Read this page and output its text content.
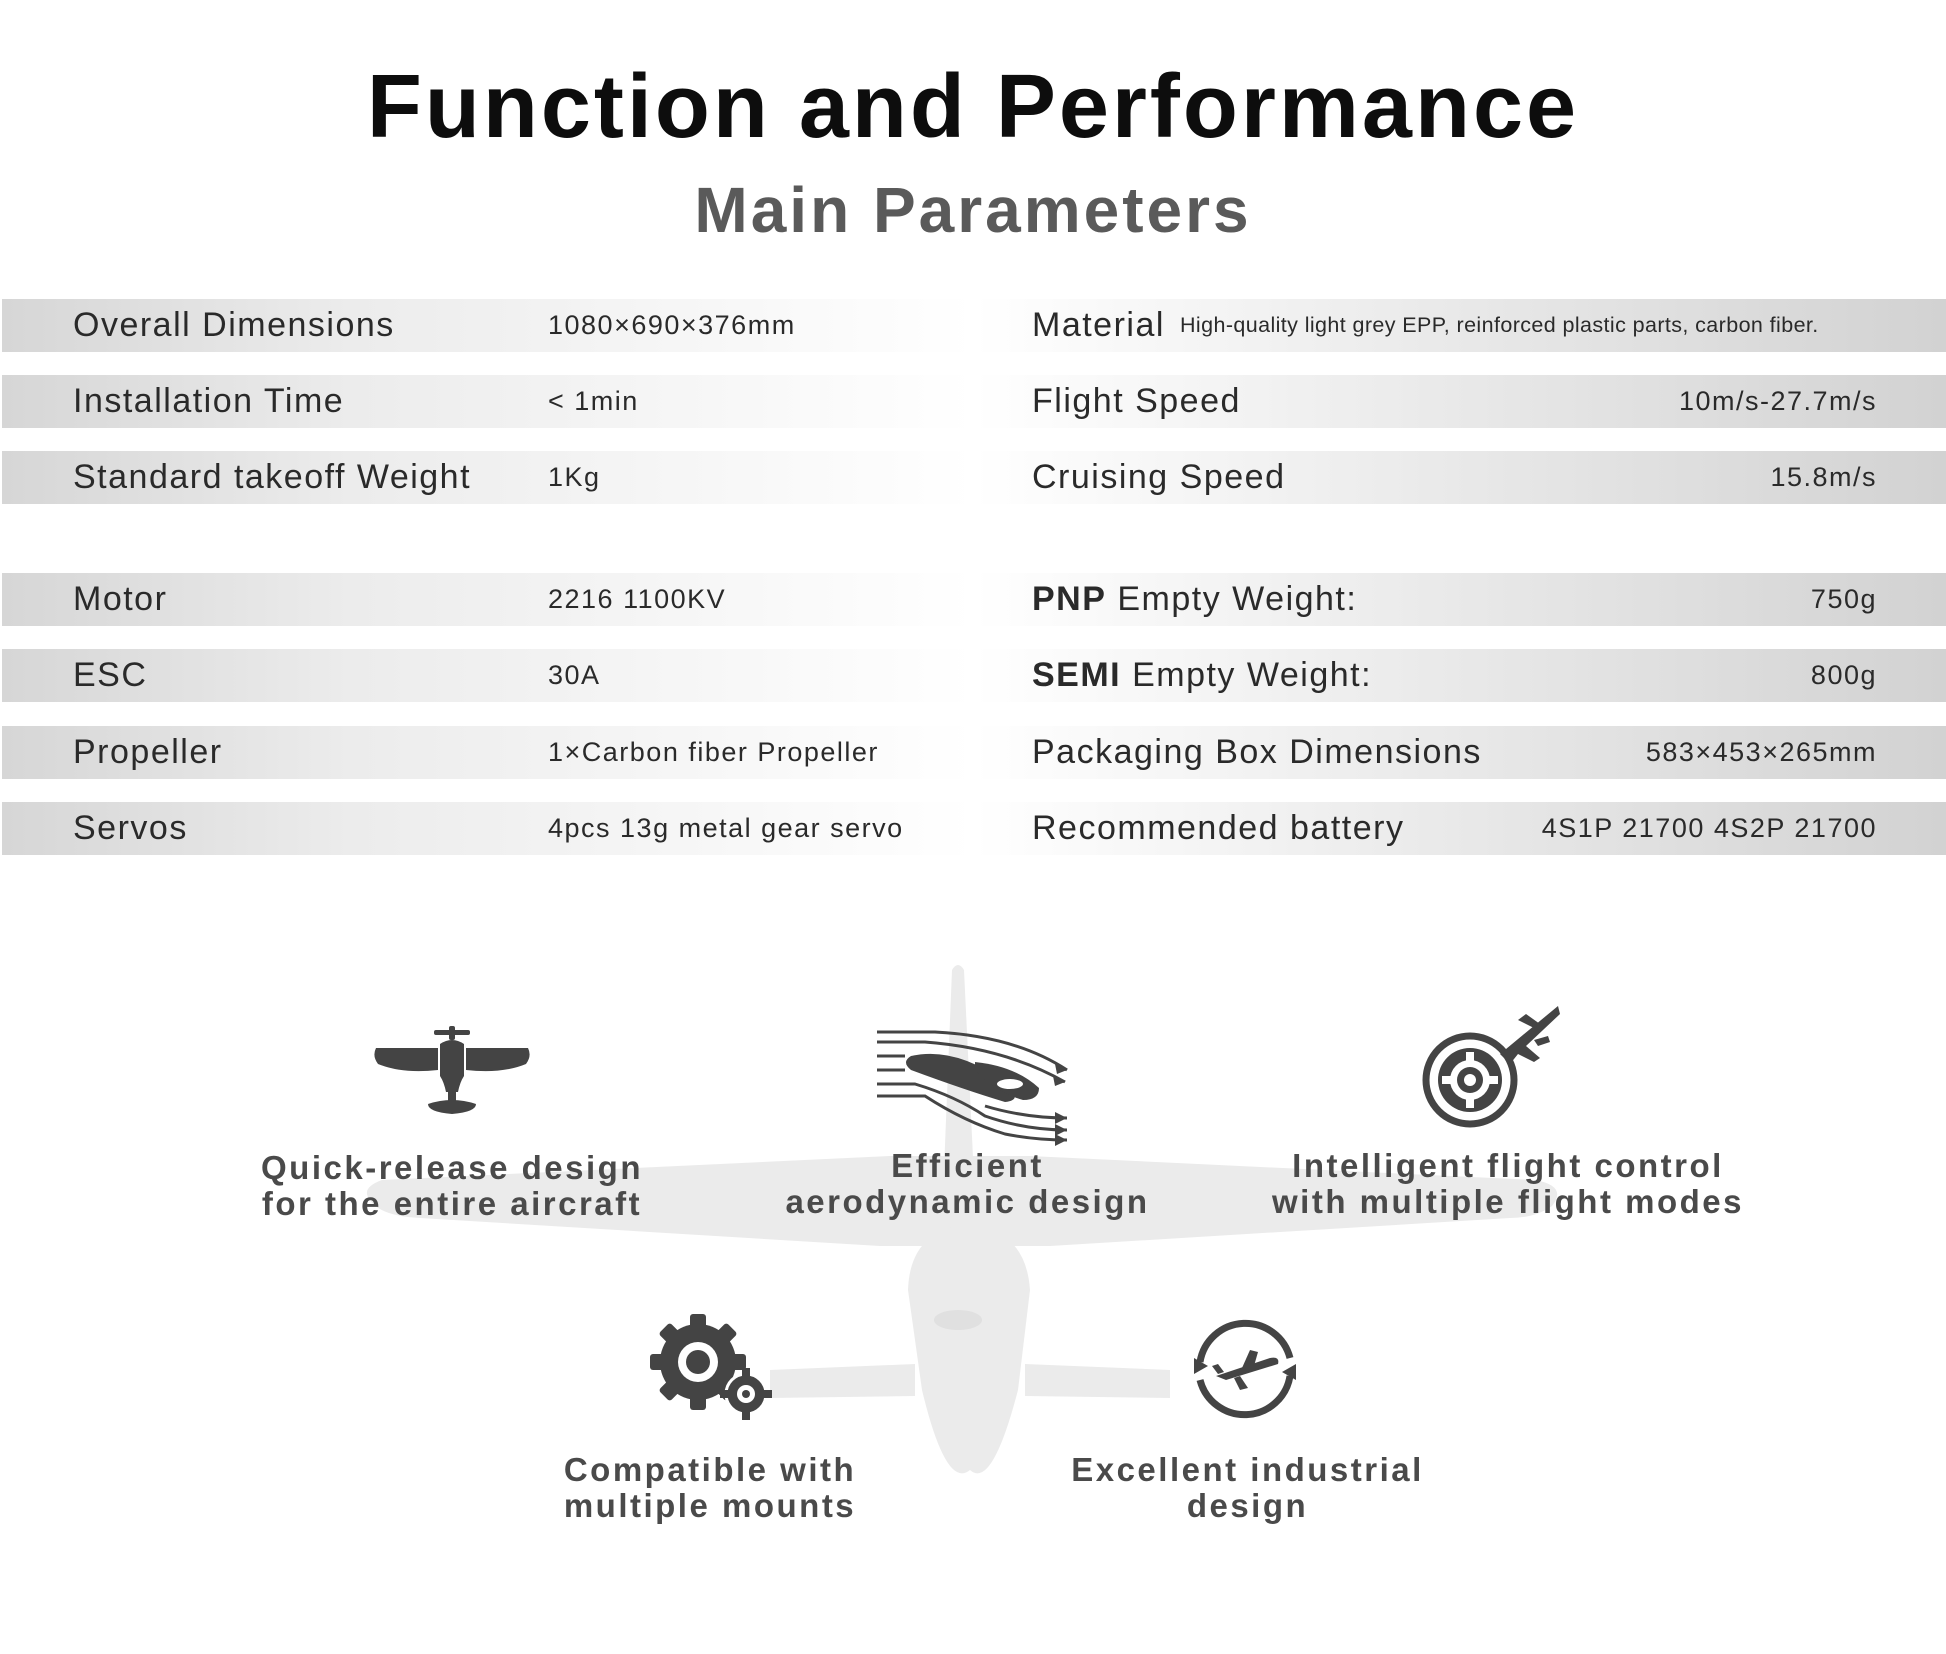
Function and Performance
Main Parameters
Overall Dimensions	1080×690×376mm	Material High-quality light grey EPP, reinforced plastic parts, carbon fiber.
Installation Time	< 1min	Flight Speed	10m/s-27.7m/s
Standard takeoff Weight	1Kg	Cruising Speed	15.8m/s
Motor	2216 1100KV	PNP Empty Weight:	750g
ESC	30A	SEMI Empty Weight:	800g
Propeller	1×Carbon fiber Propeller	Packaging Box Dimensions	583×453×265mm
Servos	4pcs 13g metal gear servo	Recommended battery	4S1P 21700 4S2P 21700
Quick-release design
for the entire aircraft
Efficient
aerodynamic design
Intelligent flight control
with multiple flight modes
Compatible with
multiple mounts
Excellent industrial
design
